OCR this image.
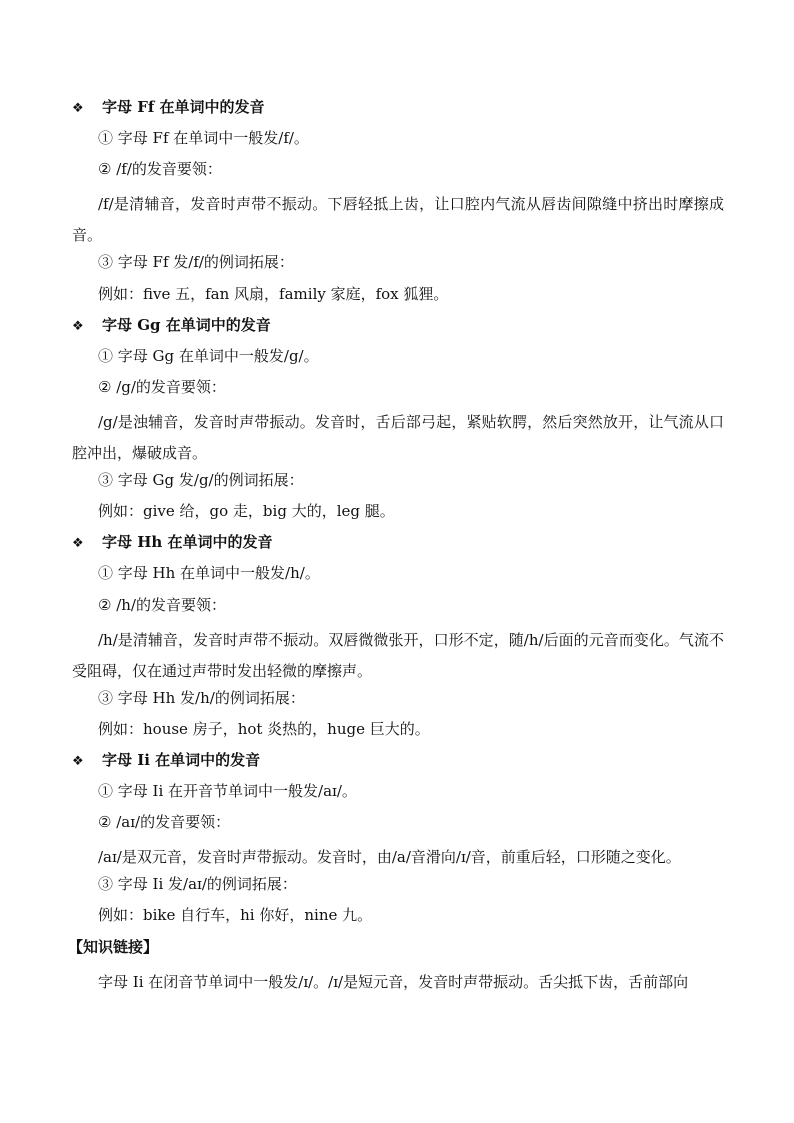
❖ 字母 Ff 在单词中的发音
① 字母 Ff 在单词中一般发/f/。
② /f/的发音要领：
/f/是清辅音，发音时声带不振动。下唇轻抵上齿，让口腔内气流从唇齿间隙缝中挤出时摩擦成音。
③ 字母 Ff 发/f/的例词拓展：
例如：five 五，fan 风扇，family 家庭，fox 狐狸。
❖ 字母 Gg 在单词中的发音
① 字母 Gg 在单词中一般发/g/。
② /g/的发音要领：
/g/是浊辅音，发音时声带振动。发音时，舌后部弓起，紧贴软腭，然后突然放开，让气流从口腔冲出，爆破成音。
③ 字母 Gg 发/g/的例词拓展：
例如：give 给，go 走，big 大的，leg 腿。
❖ 字母 Hh 在单词中的发音
① 字母 Hh 在单词中一般发/h/。
② /h/的发音要领：
/h/是清辅音，发音时声带不振动。双唇微微张开，口形不定，随/h/后面的元音而变化。气流不受阻碍，仅在通过声带时发出轻微的摩擦声。
③ 字母 Hh 发/h/的例词拓展：
例如：house 房子，hot 炎热的，huge 巨大的。
❖ 字母 Ii 在单词中的发音
① 字母 Ii 在开音节单词中一般发/aɪ/。
② /aɪ/的发音要领：
/aɪ/是双元音，发音时声带振动。发音时，由/a/音滑向/ɪ/音，前重后轻，口形随之变化。
③ 字母 Ii 发/aɪ/的例词拓展：
例如：bike 自行车，hi 你好，nine 九。
【知识链接】
字母 Ii 在闭音节单词中一般发/ɪ/。/ɪ/是短元音，发音时声带振动。舌尖抵下齿，舌前部向
